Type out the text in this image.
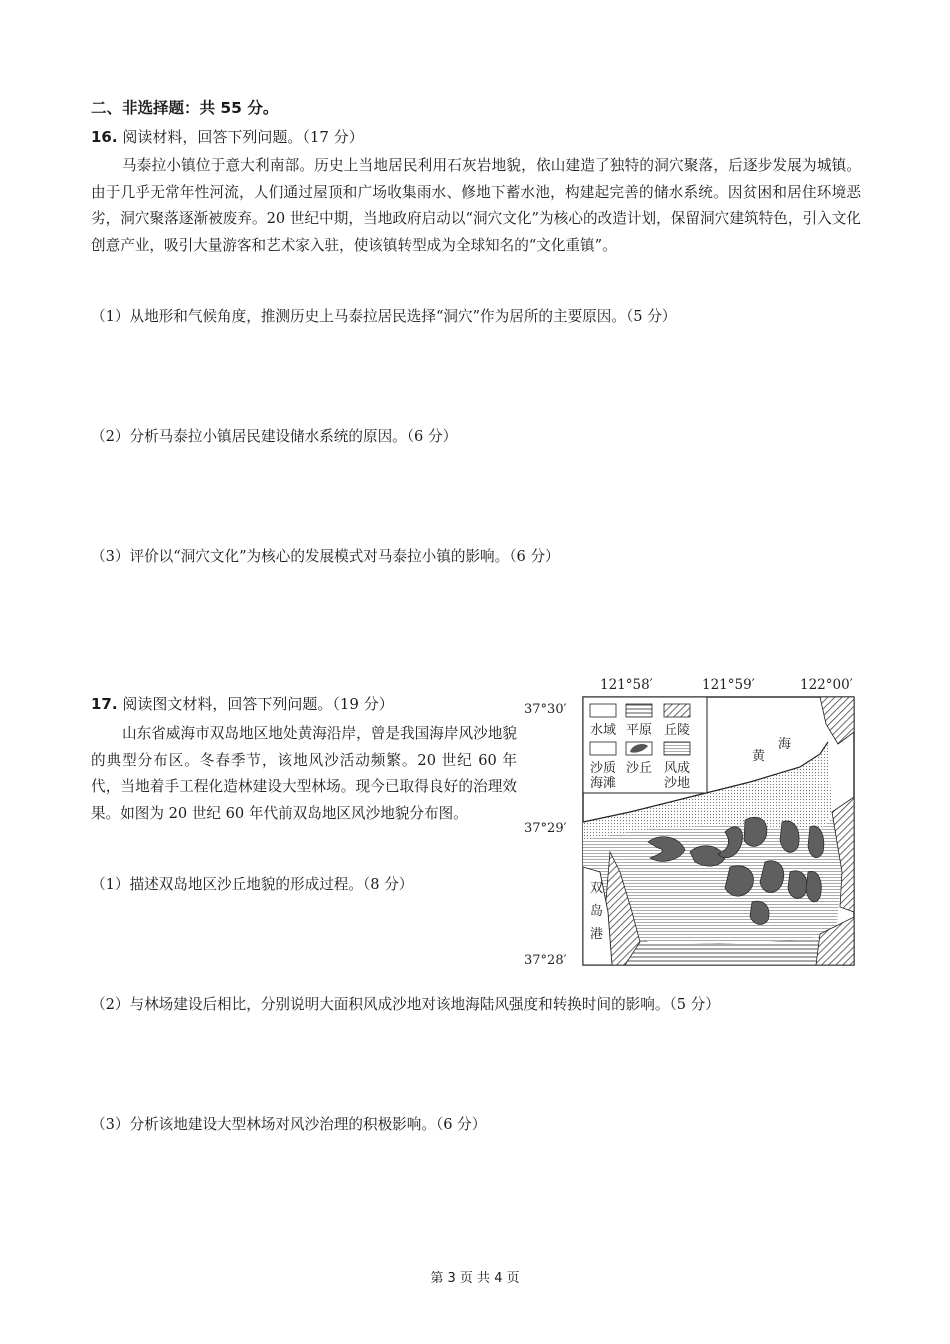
二、非选择题：共 55 分。
16. 阅读材料，回答下列问题。（17 分）
马泰拉小镇位于意大利南部。历史上当地居民利用石灰岩地貌，依山建造了独特的洞穴聚落，后逐步发展为城镇。由于几乎无常年性河流，人们通过屋顶和广场收集雨水、修地下蓄水池，构建起完善的储水系统。因贫困和居住环境恶劣，洞穴聚落逐渐被废弃。20 世纪中期，当地政府启动以“洞穴文化”为核心的改造计划，保留洞穴建筑特色，引入文化创意产业，吸引大量游客和艺术家入驻，使该镇转型成为全球知名的“文化重镇”。
（1）从地形和气候角度，推测历史上马泰拉居民选择“洞穴”作为居所的主要原因。（5 分）
（2）分析马泰拉小镇居民建设储水系统的原因。（6 分）
（3）评价以“洞穴文化”为核心的发展模式对马泰拉小镇的影响。（6 分）
17. 阅读图文材料，回答下列问题。（19 分）
山东省威海市双岛地区地处黄海沿岸，曾是我国海岸风沙地貌的典型分布区。冬春季节，该地风沙活动频繁。20 世纪 60 年代，当地着手工程化造林建设大型林场。现今已取得良好的治理效果。如图为 20 世纪 60 年代前双岛地区风沙地貌分布图。
（1）描述双岛地区沙丘地貌的形成过程。（8 分）
（2）与林场建设后相比，分别说明大面积风成沙地对该地海陆风强度和转换时间的影响。（5 分）
（3）分析该地建设大型林场对风沙治理的积极影响。（6 分）
水域 平原 丘陵
沙质
海滩
沙丘 风成
沙地
121°58′	121°59′	122°00′
37°30′
37°29′
37°28′
黄
海
双
岛
港
第 3 页 共 4 页
